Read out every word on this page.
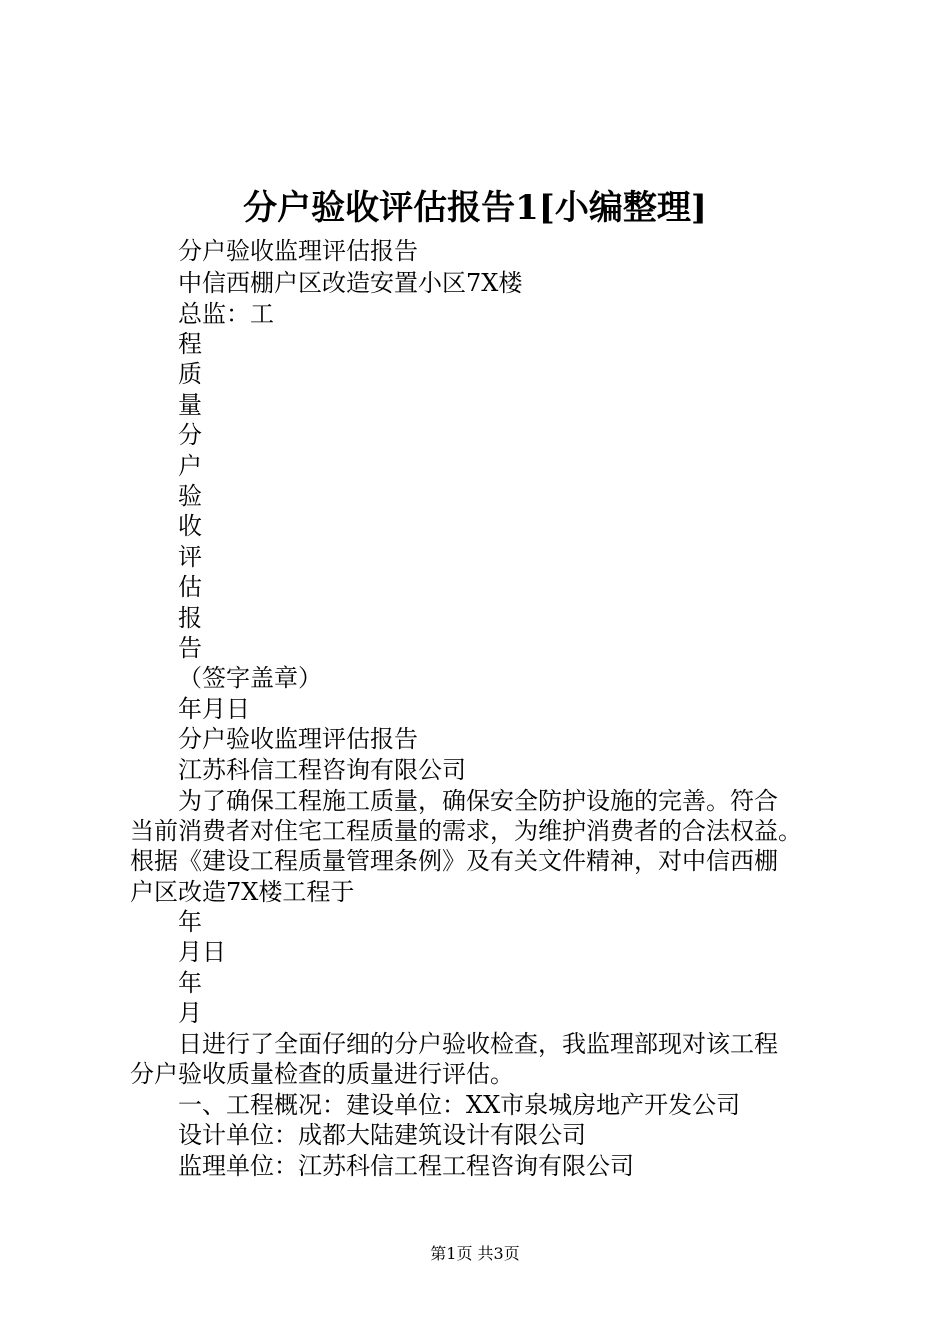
分户验收评估报告1[小编整理]
分户验收监理评估报告
中信西棚户区改造安置小区7X楼
总监：工
程
质
量
分
户
验
收
评
估
报
告
（签字盖章）
年月日
分户验收监理评估报告
江苏科信工程咨询有限公司
为了确保工程施工质量，确保安全防护设施的完善。符合
当前消费者对住宅工程质量的需求，为维护消费者的合法权益。
根据《建设工程质量管理条例》及有关文件精神，对中信西棚
户区改造7X楼工程于
年
月日
年
月
日进行了全面仔细的分户验收检查，我监理部现对该工程
分户验收质量检查的质量进行评估。
一、工程概况：建设单位：XX市泉城房地产开发公司
设计单位：成都大陆建筑设计有限公司
监理单位：江苏科信工程工程咨询有限公司
第1页 共3页
